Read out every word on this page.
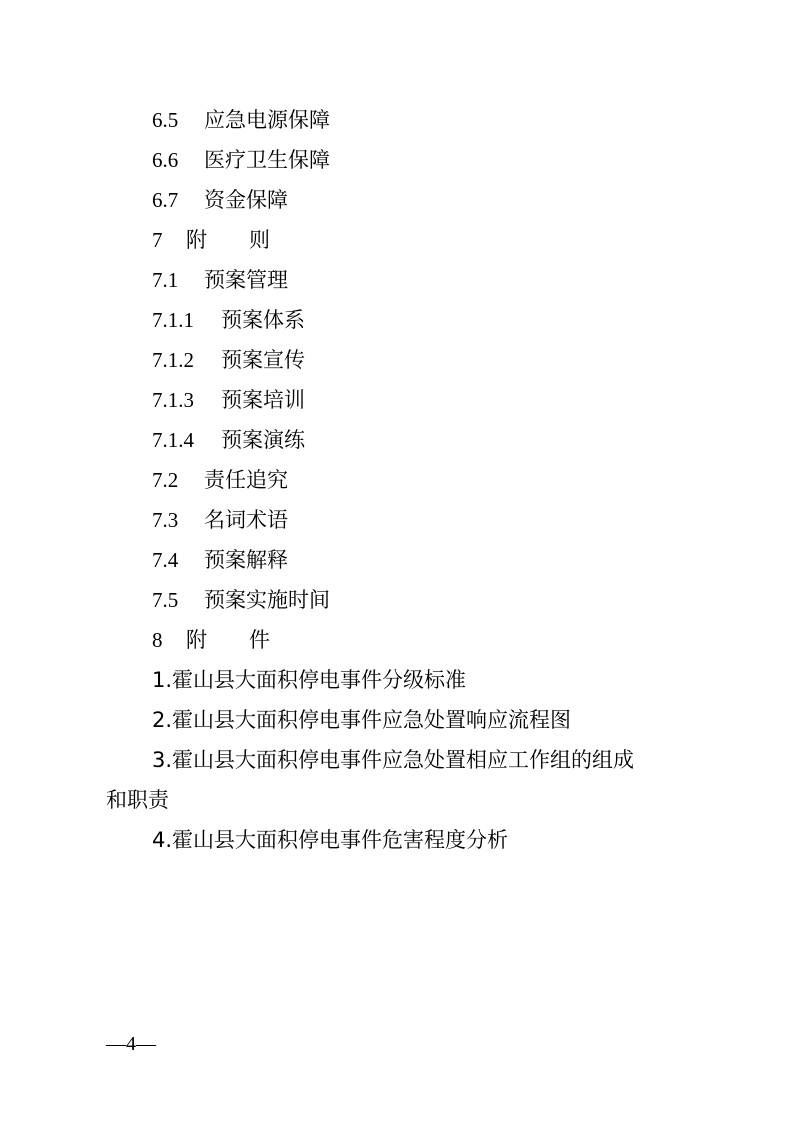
6.5 应急电源保障
6.6 医疗卫生保障
6.7 资金保障
7 附　　则
7.1 预案管理
7.1.1 预案体系
7.1.2 预案宣传
7.1.3 预案培训
7.1.4 预案演练
7.2 责任追究
7.3 名词术语
7.4 预案解释
7.5 预案实施时间
8 附　　件
1.霍山县大面积停电事件分级标准
2.霍山县大面积停电事件应急处置响应流程图
3.霍山县大面积停电事件应急处置相应工作组的组成
和职责
4.霍山县大面积停电事件危害程度分析
—4—
